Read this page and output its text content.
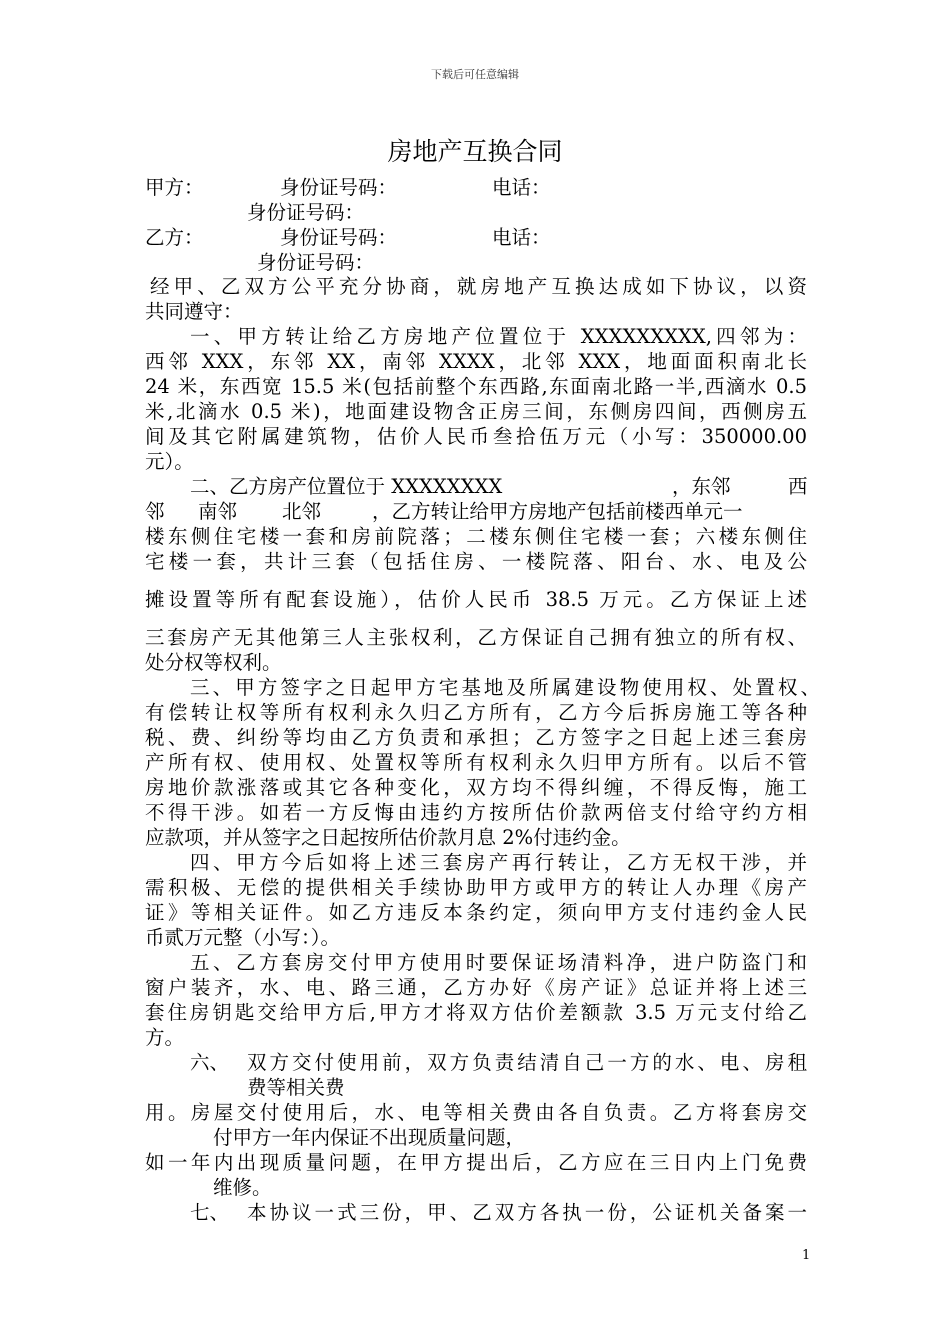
下载后可任意编辑
房地产互换合同
甲方：	身份证号码：	电话：
身份证号码：
乙方：	身份证号码：	电话：
身份证号码：
经甲、乙双方公平充分协商，就房地产互换达成如下协议，以资
共同遵守：
一、甲方转让给乙方房地产位置位于 XXXXXXXXX,四邻为：
西邻 XXX，东邻 XX，南邻 XXXX，北邻 XXX，地面面积南北长
24 米，东西宽 15.5 米(包括前整个东西路,东面南北路一半,西滴水 0.5
米,北滴水 0.5 米)，地面建设物含正房三间，东侧房四间，西侧房五
间及其它附属建筑物，估价人民币叁拾伍万元（小写：350000.00
元）。
二、乙方房产位置位于 XXXXXXXX	，东邻	西
邻 南邻 北邻	，乙方转让给甲方房地产包括前楼西单元一
楼东侧住宅楼一套和房前院落；二楼东侧住宅楼一套；六楼东侧住
宅楼一套，共计三套（包括住房、一楼院落、阳台、水、电及公
摊设置等所有配套设施），估价人民币 38.5 万元。乙方保证上述
三套房产无其他第三人主张权利，乙方保证自己拥有独立的所有权、
处分权等权利。
三、甲方签字之日起甲方宅基地及所属建设物使用权、处置权、
有偿转让权等所有权利永久归乙方所有，乙方今后拆房施工等各种
税、费、纠纷等均由乙方负责和承担；乙方签字之日起上述三套房
产所有权、使用权、处置权等所有权利永久归甲方所有。以后不管
房地价款涨落或其它各种变化，双方均不得纠缠，不得反悔，施工
不得干涉。如若一方反悔由违约方按所估价款两倍支付给守约方相
应款项，并从签字之日起按所估价款月息 2%付违约金。
四、甲方今后如将上述三套房产再行转让，乙方无权干涉，并
需积极、无偿的提供相关手续协助甲方或甲方的转让人办理《房产
证》等相关证件。如乙方违反本条约定，须向甲方支付违约金人民
币贰万元整（小写：）。
五、乙方套房交付甲方使用时要保证场清料净，进户防盗门和
窗户装齐，水、电、路三通，乙方办好《房产证》总证并将上述三
套住房钥匙交给甲方后,甲方才将双方估价差额款 3.5 万元支付给乙
方。
六、 双方交付使用前，双方负责结清自己一方的水、电、房租
费等相关费
用。房屋交付使用后，水、电等相关费由各自负责。乙方将套房交
付甲方一年内保证不出现质量问题，
如一年内出现质量问题，在甲方提出后，乙方应在三日内上门免费
维修。
七、 本协议一式三份，甲、乙双方各执一份，公证机关备案一
1
